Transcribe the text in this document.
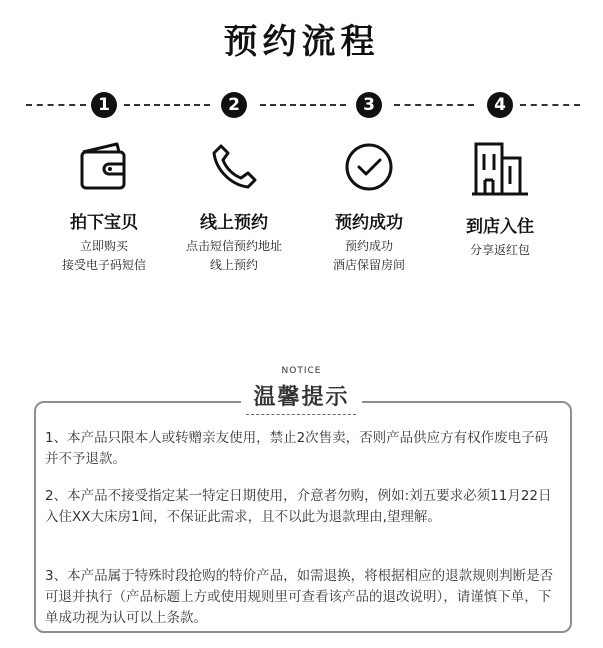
预约流程
1	2	3	4
拍下宝贝
立即购买
接受电子码短信
线上预约
点击短信预约地址
线上预约
预约成功
预约成功
酒店保留房间
到店入住
分享返红包
NOTICE
温馨提示
1、本产品只限本人或转赠亲友使用，禁止2次售卖，否则产品供应方有权作废电子码并不予退款。
2、本产品不接受指定某一特定日期使用，介意者勿购，例如:刘五要求必须11月22日入住XX大床房1间，不保证此需求，且不以此为退款理由,望理解。
3、本产品属于特殊时段抢购的特价产品，如需退换，将根据相应的退款规则判断是否可退并执行（产品标题上方或使用规则里可查看该产品的退改说明），请谨慎下单，下单成功视为认可以上条款。
